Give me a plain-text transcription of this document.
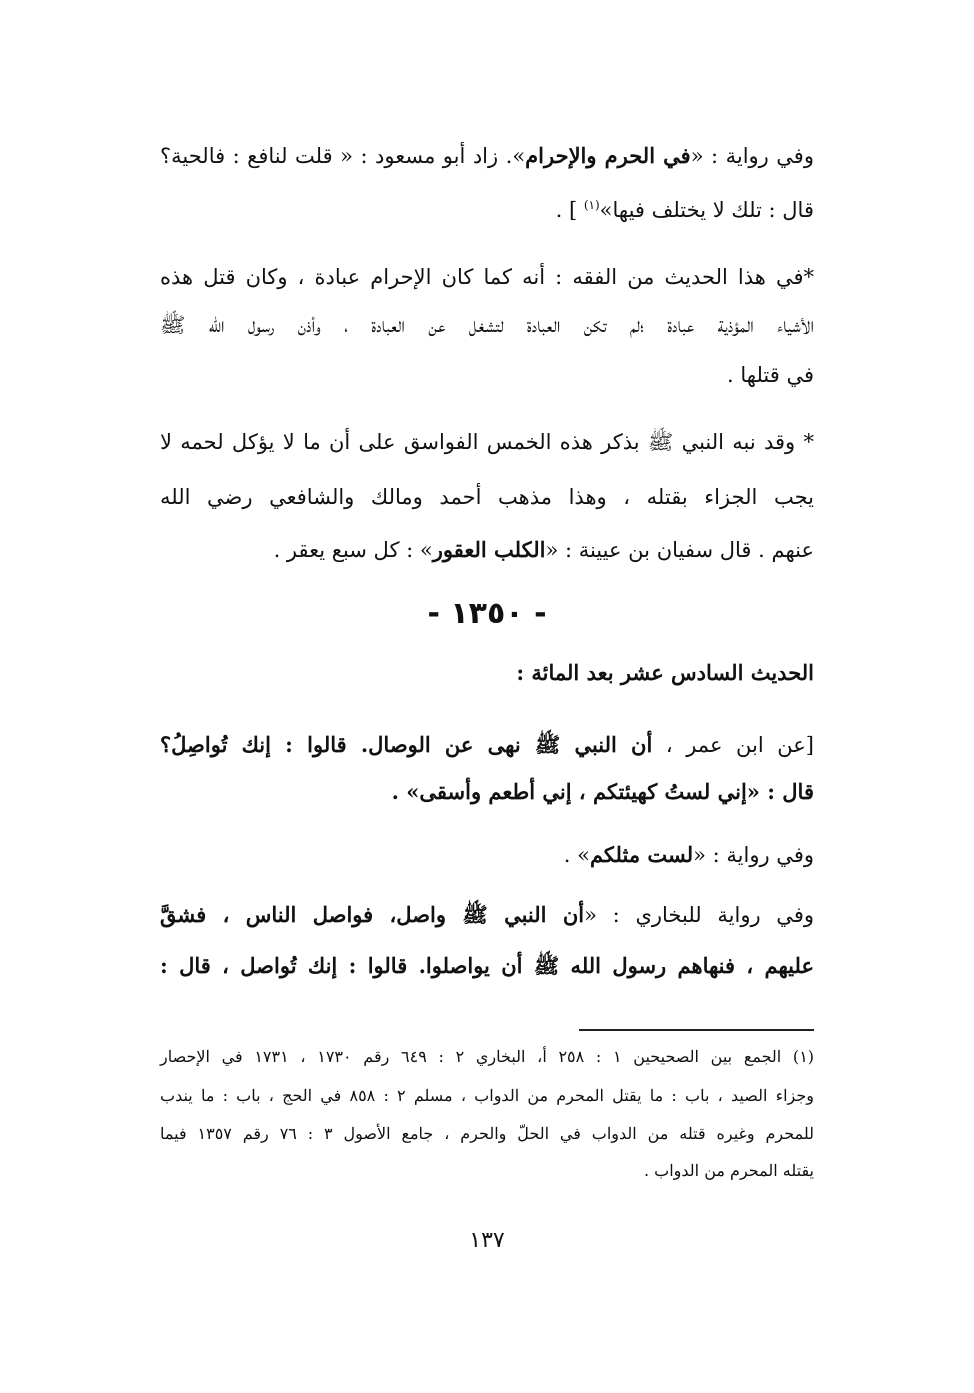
وفي رواية : «في الحرم والإحرام». زاد أبو مسعود : « قلت لنافع : فالحية؟
قال : تلك لا يختلف فيها»$^{(١)}$ ] .
*في هذا الحديث من الفقه : أنه كما كان الإحرام عبادة ، وكان قتل هذه
الأشياء المؤذية عبادة ؛لم تكن العبادة لتشغل عن العبادة ، وأذن رسول الله ﷺ
في قتلها .
* وقد نبه النبي ﷺ بذكر هذه الخمس الفواسق على أن ما لا يؤكل لحمه لا
يجب الجزاء بقتله ، وهذا مذهب أحمد ومالك والشافعي رضي الله
عنهم . قال سفيان بن عيينة : «الكلب العقور» : كل سبع يعقر .
- ١٣٥٠ -
الحديث السادس عشر بعد المائة :
[عن ابن عمر ، أن النبي ﷺ نهى عن الوصال. قالوا : إنك تُواصِلُ؟
قال : «إني لستُ كهيئتكم ، إني أطعم وأسقى» .
وفي رواية : «لست مثلكم» .
وفي رواية للبخاري : «أن النبي ﷺ واصل، فواصل الناس ، فشقَّ
عليهم ، فنهاهم رسول الله ﷺ أن يواصلوا. قالوا : إنك تُواصل ، قال :
(١) الجمع بين الصحيحين ١ : ٢٥٨ أ، البخاري ٢ : ٦٤٩ رقم ١٧٣٠ ، ١٧٣١ في الإحصار
وجزاء الصيد ، باب : ما يقتل المحرم من الدواب ، مسلم ٢ : ٨٥٨ في الحج ، باب : ما يندب
للمحرم وغيره قتله من الدواب في الحلّ والحرم ، جامع الأصول ٣ : ٧٦ رقم ١٣٥٧ فيما
يقتله المحرم من الدواب .
١٣٧
